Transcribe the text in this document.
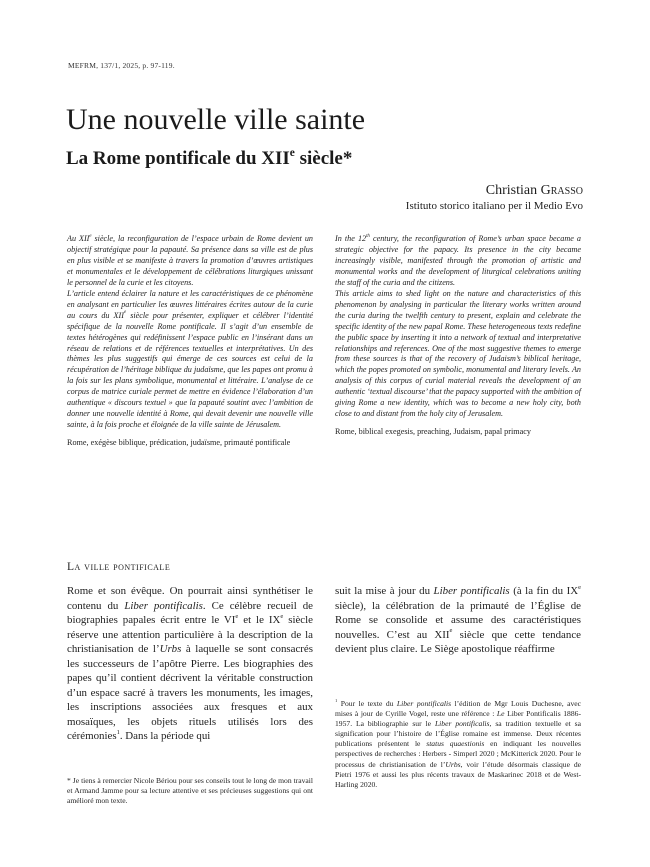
MEFRM, 137/1, 2025, p. 97-119.
Une nouvelle ville sainte
La Rome pontificale du XIIe siècle*
Christian Grasso
Istituto storico italiano per il Medio Evo

Au XIIe siècle, la reconfiguration de l’espace urbain de Rome devient un objectif stratégique pour la papauté. Sa présence dans sa ville est de plus en plus visible et se manifeste à travers la promotion d’œuvres artistiques et monumentales et le développement de célébrations liturgiques unissant le personnel de la curie et les citoyens.

L’article entend éclairer la nature et les caractéristiques de ce phénomène en analysant en particulier les œuvres littéraires écrites autour de la curie au cours du XIIe siècle pour présenter, expliquer et célébrer l’identité spécifique de la nouvelle Rome pontificale. Il s’agit d’un ensemble de textes hétérogènes qui redéfinissent l’espace public en l’insérant dans un réseau de relations et de références textuelles et interprétatives. Un des thèmes les plus suggestifs qui émerge de ces sources est celui de la récupération de l’héritage biblique du judaïsme, que les papes ont promu à la fois sur les plans symbolique, monumental et littéraire. L’analyse de ce corpus de matrice curiale permet de mettre en évidence l’élaboration d’un authentique « discours textuel » que la papauté soutint avec l’ambition de donner une nouvelle identité à Rome, qui devait devenir une nouvelle ville sainte, à la fois proche et éloignée de la ville sainte de Jérusalem.

Rome, exégèse biblique, prédication, judaïsme, primauté pontificale

In the 12th century, the reconfiguration of Rome’s urban space became a strategic objective for the papacy. Its presence in the city became increasingly visible, manifested through the promotion of artistic and monumental works and the development of liturgical celebrations uniting the staff of the curia and the citizens.

This article aims to shed light on the nature and characteristics of this phenomenon by analysing in particular the literary works written around the curia during the twelfth century to present, explain and celebrate the specific identity of the new papal Rome. These heterogeneous texts redefine the public space by inserting it into a network of textual and interpretative relationships and references. One of the most suggestive themes to emerge from these sources is that of the recovery of Judaism’s biblical heritage, which the popes promoted on symbolic, monumental and literary levels. An analysis of this corpus of curial material reveals the development of an authentic ‘textual discourse’ that the papacy supported with the ambition of giving Rome a new identity, which was to become a new holy city, both close to and distant from the holy city of Jerusalem.

Rome, biblical exegesis, preaching, Judaism, papal primacy

La ville pontificale

Rome et son évêque. On pourrait ainsi synthétiser le contenu du Liber pontificalis. Ce célèbre recueil de biographies papales écrit entre le VIe et le IXe siècle réserve une attention particulière à la description de la christianisation de l’Urbs à laquelle se sont consacrés les successeurs de l’apôtre Pierre. Les biographies des papes qu’il contient décrivent la véritable construction d’un espace sacré à travers les monuments, les images, les inscriptions associées aux fresques et aux mosaïques, les objets rituels utilisés lors des cérémonies$^1$. Dans la période qui

suit la mise à jour du Liber pontificalis (à la fin du IXe siècle), la célébration de la primauté de l’Église de Rome se consolide et assume des caractéristiques nouvelles. C’est au XIIe siècle que cette tendance devient plus claire. Le Siège apostolique réaffirme

* Je tiens à remercier Nicole Bériou pour ses conseils tout le long de mon travail et Armand Jamme pour sa lecture attentive et ses précieuses suggestions qui ont amélioré mon texte.
$^1$ Pour le texte du Liber pontificalis l’édition de Mgr Louis Duchesne, avec mises à jour de Cyrille Vogel, reste une référence : Le Liber Pontificalis 1886-1957. La bibliographie sur le Liber pontificalis, sa tradition textuelle et sa signification pour l’histoire de l’Église romaine est immense. Deux récentes publications présentent le status quaestionis en indiquant les nouvelles perspectives de recherches : Herbers - Simperl 2020 ; McKitterick 2020. Pour le processus de christianisation de l’Urbs, voir l’étude désormais classique de Pietri 1976 et aussi les plus récents travaux de Maskarinec 2018 et de West-Harling 2020.
